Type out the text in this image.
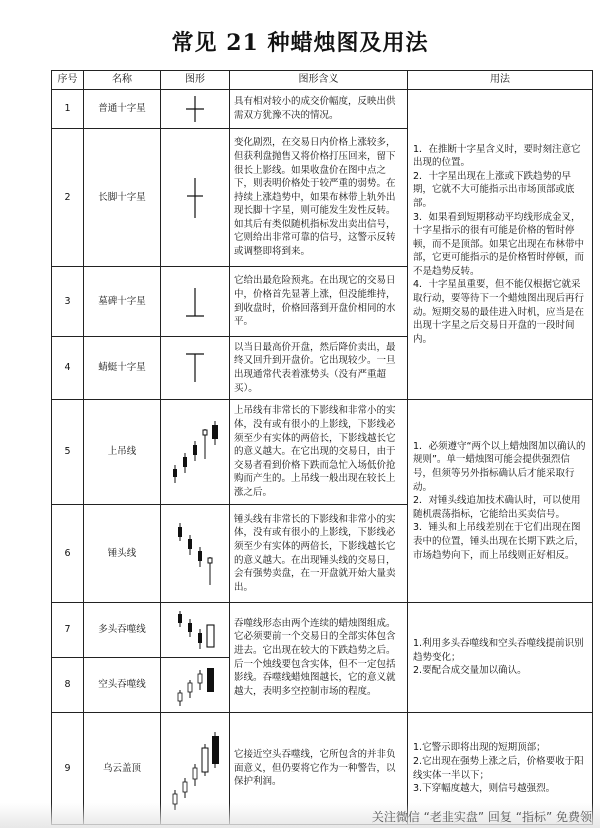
常见 21 种蜡烛图及用法
序号	名称	图形	图形含义	用法
1	普通十字星		具有相对较小的成交价幅度，反映出供需双方犹豫不决的情况。	1．在推断十字星含义时，要时刻注意它出现的位置。
2．十字星出现在上涨或下跌趋势的早期，它就不大可能指示出市场顶部或底部。
3．如果看到短期移动平均线形成金叉，十字星指示的很有可能是价格的暂时停顿，而不是顶部。如果它出现在布林带中部，它更可能指示的是价格暂时停顿，而不是趋势反转。
4．十字星虽重要，但不能仅根据它就采取行动，要等待下一个蜡烛图出现后再行动。短期交易的最佳进入时机，应当是在出现十字星之后交易日开盘的一段时间内。

2	长脚十字星		变化剧烈，在交易日内价格上涨较多，但获利盘抛售又将价格打压回来，留下很长上影线。如果收盘价在图中点之下，则表明价格处于较严重的弱势。在持续上涨趋势中，如果布林带上轨外出现长脚十字星，则可能发生发性反转。如其后有类似随机指标发出卖出信号，它则给出非常可靠的信号，这警示反转或调整即将到来。	
3	墓碑十字星		它给出最危险预兆。在出现它的交易日中，价格首先显著上涨，但没能维持，到收盘时，价格回落到开盘价相同的水平。	
4	蜻蜓十字星		以当日最高价开盘，然后降价卖出，最终又回升到开盘价。它出现较少。一旦出现通常代表着涨势头（没有严重超买）。	
5	上吊线		上吊线有非常长的下影线和非常小的实体，没有或有很小的上影线，下影线必须至少有实体的两倍长，下影线越长它的意义越大。在它出现的交易日，由于交易者看到价格下跌而急忙入场低价抢购而产生的。上吊线一般出现在较长上涨之后。	1．必须遵守“两个以上蜡烛图加以确认的规则”。单一蜡烛图可能会提供强烈信号，但须等另外指标确认后才能采取行动。
2．对锤头线追加技术确认时，可以使用随机震荡指标，它能给出买卖信号。
3．锤头和上吊线差别在于它们出现在图表中的位置，锤头出现在长期下跌之后，市场趋势向下，而上吊线则正好相反。

6	锤头线		锤头线有非常长的下影线和非常小的实体，没有或有很小的上影线，下影线必须至少有实体的两倍长，下影线越长它的意义越大。在出现锤头线的交易日，会有强势卖盘，在一开盘就开始大量卖出。	
7	多头吞噬线		吞噬线形态由两个连续的蜡烛图组成。它必须要前一个交易日的全部实体包含进去。它出现在较大的下跌趋势之后。后一个烛线要包含实体，但不一定包括影线。吞噬线蜡烛图越长，它的意义就越大，表明多空控制市场的程度。	1.利用多头吞噬线和空头吞噬线提前识别趋势变化；
2.要配合成交量加以确认。

8	空头吞噬线	

9	乌云盖顶		它接近空头吞噬线，它所包含的并非负面意义，但仍要将它作为一种警告，以保护利润。	1.它警示即将出现的短期顶部；
2.它出现在强势上涨之后，价格要收于阳线实体一半以下；
3.下穿幅度越大，则信号越强烈。
关注微信 “老韭实盘” 回复 “指标” 免费领
